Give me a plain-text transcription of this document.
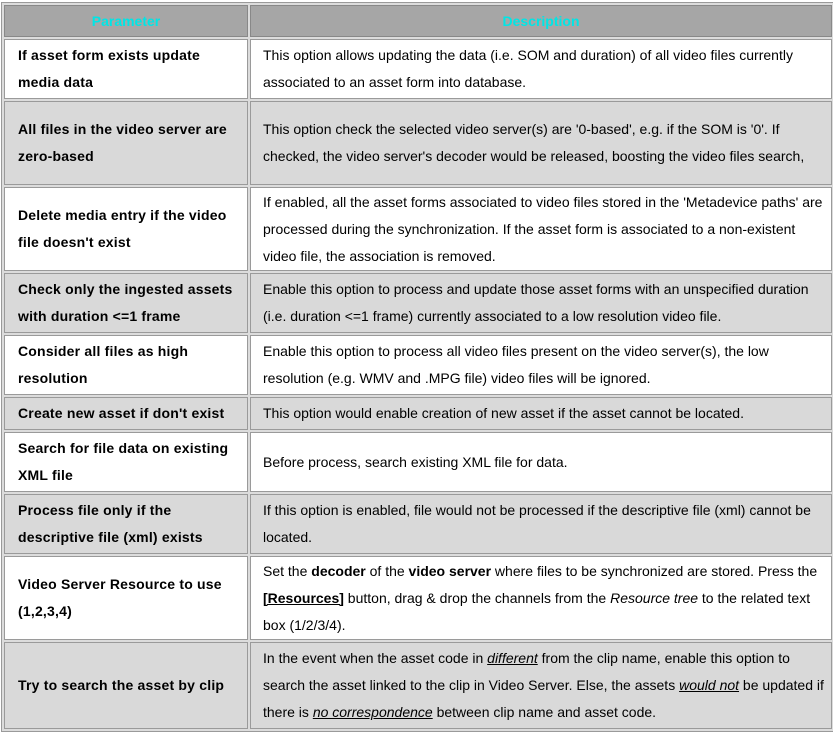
Parameter	Description
If asset form exists update media data	This option allows updating the data (i.e. SOM and duration) of all video files currently associated to an asset form into database.
All files in the video server are zero-based	This option check the selected video server(s) are '0-based', e.g. if the SOM is '0'. If checked, the video server's decoder would be released, boosting the video files search,
Delete media entry if the video file doesn't exist	If enabled, all the asset forms associated to video files stored in the 'Metadevice paths' are processed during the synchronization. If the asset form is associated to a non-existent video file, the association is removed.
Check only the ingested assets with duration <=1 frame	Enable this option to process and update those asset forms with an unspecified duration (i.e. duration <=1 frame) currently associated to a low resolution video file.
Consider all files as high resolution	Enable this option to process all video files present on the video server(s), the low resolution (e.g. WMV and .MPG file) video files will be ignored.
Create new asset if don't exist	This option would enable creation of new asset if the asset cannot be located.
Search for file data on existing XML file	Before process, search existing XML file for data.
Process file only if the descriptive file (xml) exists	If this option is enabled, file would not be processed if the descriptive file (xml) cannot be located.
Video Server Resource to use (1,2,3,4)	Set the decoder of the video server where files to be synchronized are stored. Press the [Resources] button, drag & drop the channels from the Resource tree to the related text box (1/2/3/4).
Try to search the asset by clip	In the event when the asset code in different from the clip name, enable this option to search the asset linked to the clip in Video Server. Else, the assets would not be updated if there is no correspondence between clip name and asset code.
